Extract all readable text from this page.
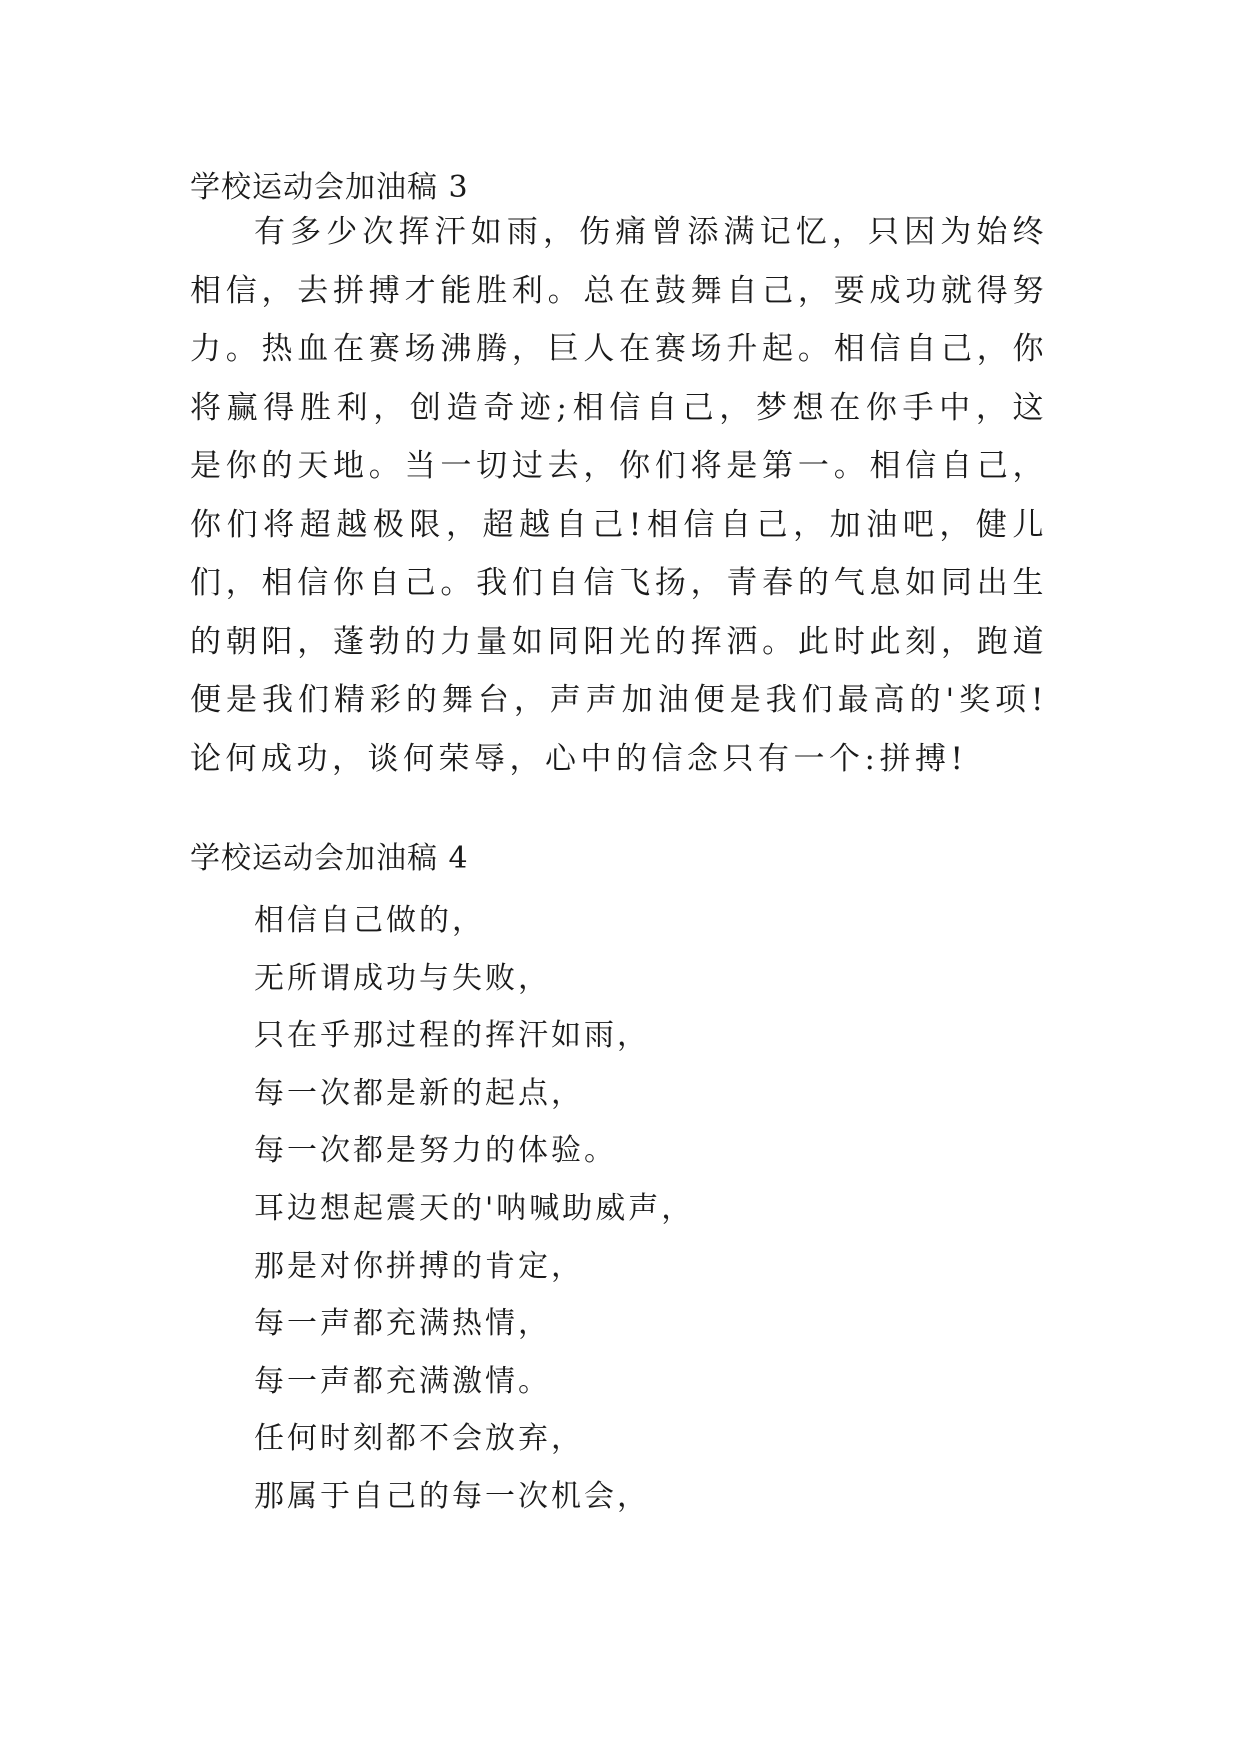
学校运动会加油稿 3

有多少次挥汗如雨，伤痛曾添满记忆，只因为始终相信，去拼搏才能胜利。总在鼓舞自己，要成功就得努力。热血在赛场沸腾，巨人在赛场升起。相信自己，你将赢得胜利，创造奇迹;相信自己，梦想在你手中，这是你的天地。当一切过去，你们将是第一。相信自己，你们将超越极限，超越自己!相信自己，加油吧，健儿们，相信你自己。我们自信飞扬，青春的气息如同出生的朝阳，蓬勃的力量如同阳光的挥洒。此时此刻，跑道便是我们精彩的舞台，声声加油便是我们最高的'奖项!论何成功，谈何荣辱，心中的信念只有一个:拼搏!

学校运动会加油稿 4
相信自己做的，
无所谓成功与失败，
只在乎那过程的挥汗如雨，
每一次都是新的起点，
每一次都是努力的体验。
耳边想起震天的'呐喊助威声，
那是对你拼搏的肯定，
每一声都充满热情，
每一声都充满激情。
任何时刻都不会放弃，
那属于自己的每一次机会，
